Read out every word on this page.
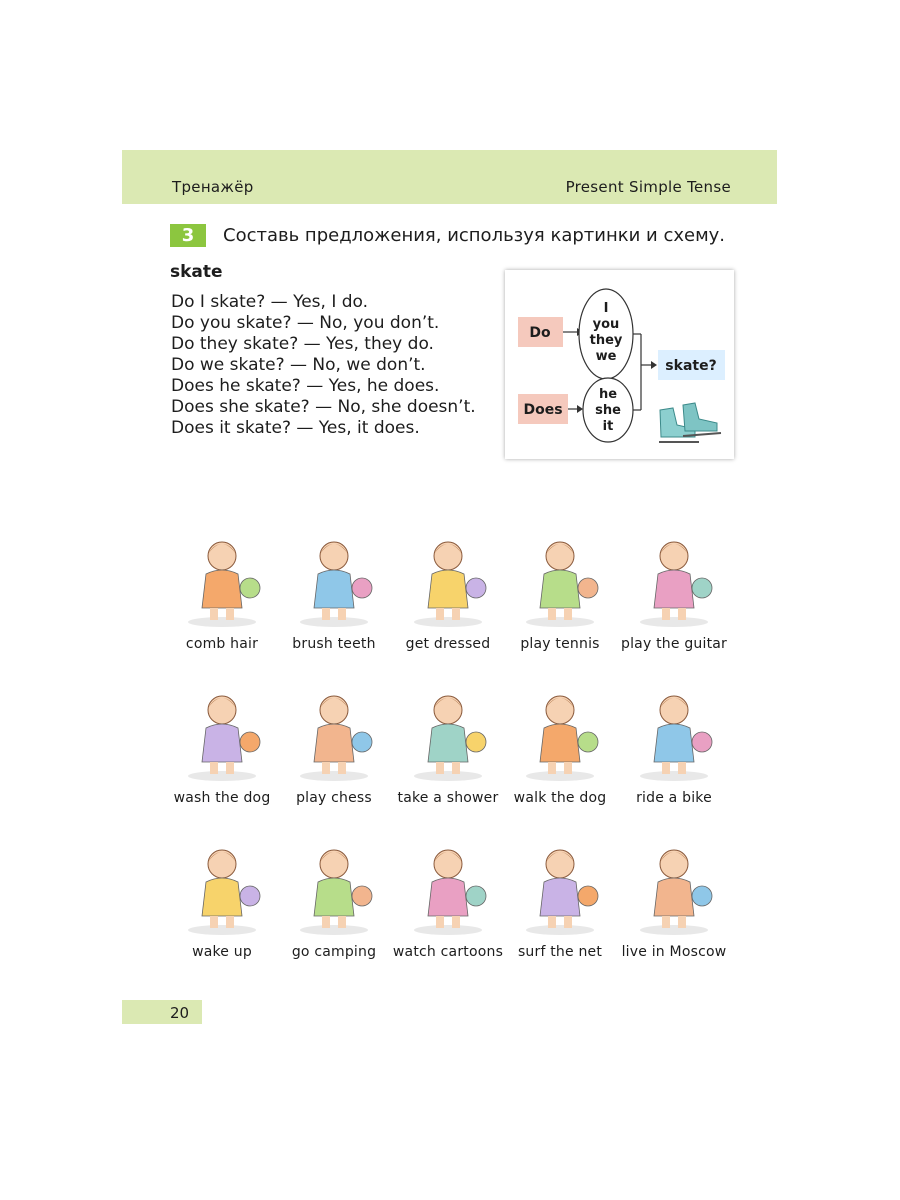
Тренажёр	Present Simple Tense
3	Составь предложения, используя картинки и схему.
skate
Do I skate? — Yes, I do.
Do you skate? — No, you don’t.
Do they skate? — Yes, they do.
Do we skate? — No, we don’t.
Does he skate? — Yes, he does.
Does she skate? — No, she doesn’t.
Does it skate? — Yes, it does.
Do
Does
I
you
they
we
he
she
it
skate?
comb hair	brush teeth	get dressed	play tennis	play the guitar
wash the dog	play chess	take a shower	walk the dog	ride a bike
wake up	go camping	watch cartoons	surf the net	live in Moscow
20
